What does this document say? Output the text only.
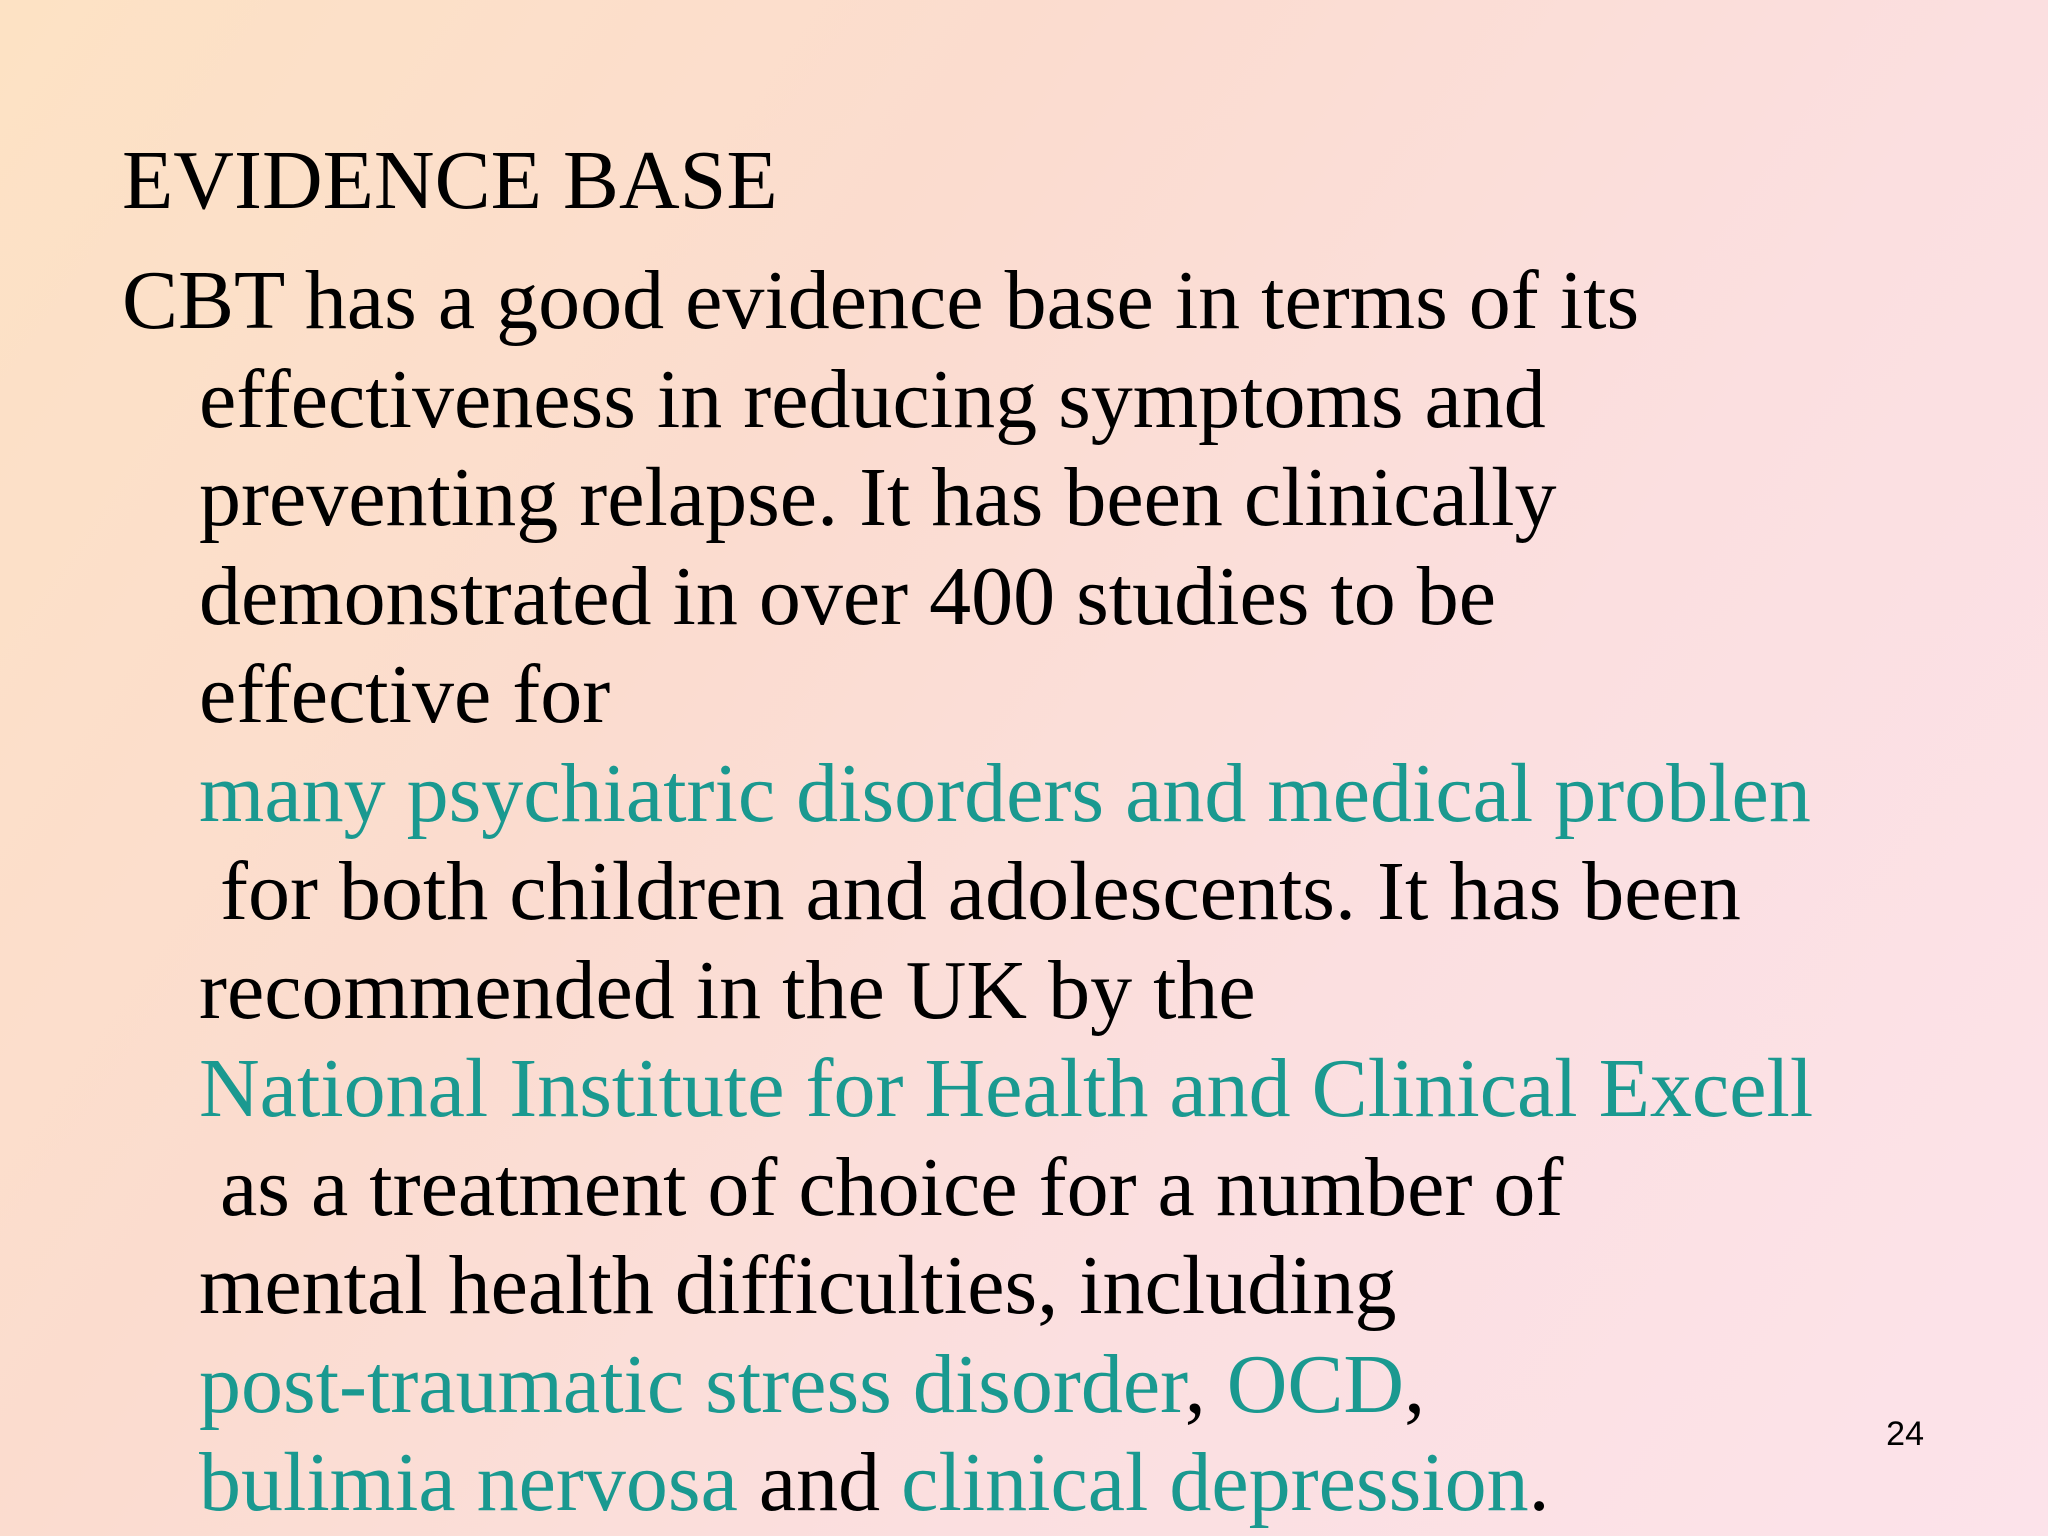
EVIDENCE BASE
CBT has a good evidence base in terms of its
effectiveness in reducing symptoms and
preventing relapse. It has been clinically
demonstrated in over 400 studies to be
effective for
many psychiatric disorders and medical problen
for both children and adolescents. It has been
recommended in the UK by the
National Institute for Health and Clinical Excell
as a treatment of choice for a number of
mental health difficulties, including
post-traumatic stress disorder, OCD,
bulimia nervosa and clinical depression.
24
